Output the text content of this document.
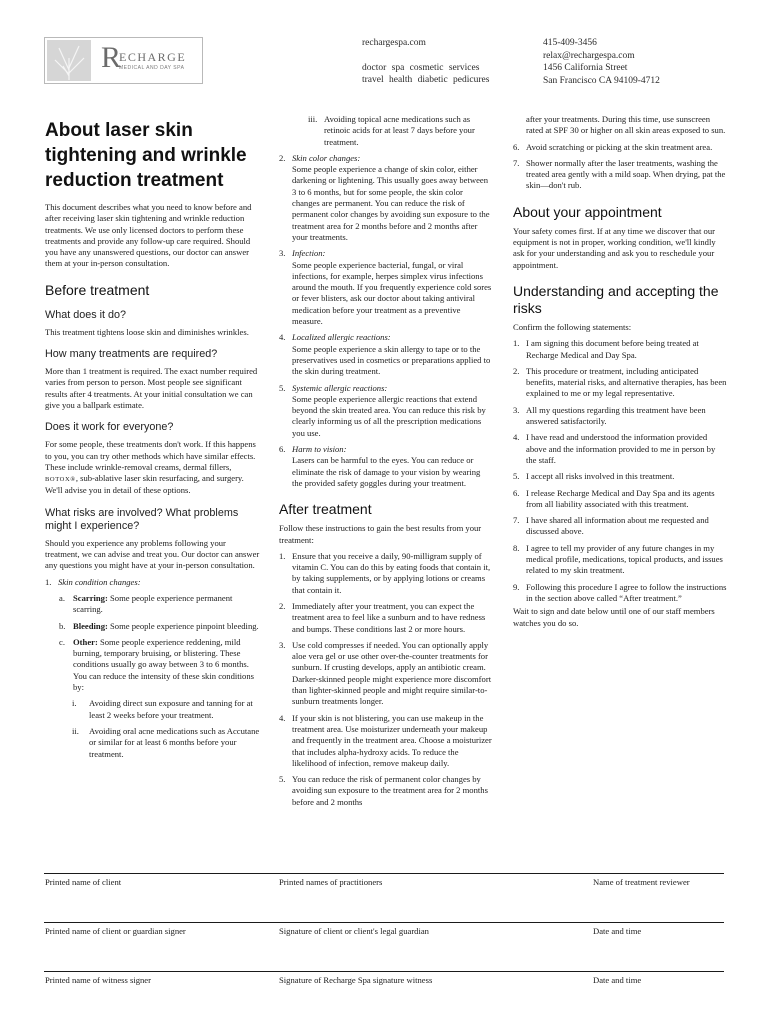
R
ECHARGE
MEDICAL AND DAY SPA
rechargespa.com
doctor spa cosmetic services
travel health diabetic pedicures
415-409-3456
relax@rechargespa.com
1456 California Street
San Francisco CA 94109-4712
About laser skin tightening and wrinkle reduction treatment

This document describes what you need to know before and after receiving laser skin tightening and wrinkle reduction treatments. We use only licensed doctors to perform these treatments and provide any follow-up care required. Should you have any unanswered questions, our doctor can answer them at your in-person consultation.

Before treatment
What does it do?

This treatment tightens loose skin and diminishes wrinkles.

How many treatments are required?

More than 1 treatment is required. The exact number required varies from person to person. Most people see significant results after 4 treatments. At your initial consultation we can give you a ballpark estimate.

Does it work for everyone?

For some people, these treatments don't work. If this happens to you, you can try other methods which have similar effects. These include wrinkle-removal creams, dermal fillers, BOTOX®, sub-ablative laser skin resurfacing, and surgery. We'll advise you in detail of these options.

What risks are involved? What problems might I experience?

Should you experience any problems following your treatment, we can advise and treat you. Our doctor can answer any questions you might have at your in-person consultation.

1. Skin condition changes:
a. Scarring: Some people experience permanent scarring.
b. Bleeding: Some people experience pinpoint bleeding.
c. Other: Some people experience reddening, mild burning, temporary bruising, or blistering. These conditions usually go away between 3 to 6 months. You can reduce the intensity of these skin conditions by:
i.	Avoiding direct sun exposure and tanning for at least 2 weeks before your treatment.
ii.	Avoiding oral acne medications such as Accutane or similar for at least 6 months before your treatment.
iii. Avoiding topical acne medications such as retinoic acids for at least 7 days before your treatment.
2. Skin color changes:
Some people experience a change of skin color, either darkening or lightening. This usually goes away between 3 to 6 months, but for some people, the skin color changes are permanent. You can reduce the risk of permanent color changes by avoiding sun exposure to the treatment area for 2 months before and 2 months after your treatments.
3. Infection:
Some people experience bacterial, fungal, or viral infections, for example, herpes simplex virus infections around the mouth. If you frequently experience cold sores or fever blisters, ask our doctor about taking antiviral medication before your treatment as a preventive measure.
4. Localized allergic reactions:
Some people experience a skin allergy to tape or to the preservatives used in cosmetics or preparations applied to the skin during treatment.
5. Systemic allergic reactions:
Some people experience allergic reactions that extend beyond the skin treated area. You can reduce this risk by clearly informing us of all the prescription medications you use.
6. Harm to vision:
Lasers can be harmful to the eyes. You can reduce or eliminate the risk of damage to your vision by wearing the provided safety goggles during your treatment.
After treatment

Follow these instructions to gain the best results from your treatment:

1. Ensure that you receive a daily, 90-milligram supply of vitamin C. You can do this by eating foods that contain it, by taking supplements, or by applying lotions or creams that contain it.
2. Immediately after your treatment, you can expect the treatment area to feel like a sunburn and to have redness and bumps. These conditions last 2 or more hours.
3. Use cold compresses if needed. You can optionally apply aloe vera gel or use other over-the-counter treatments for sunburn. If crusting develops, apply an antibiotic cream. Darker-skinned people might experience more discomfort than lighter-skinned people and might require similar-to-sunburn treatments longer.
4. If your skin is not blistering, you can use makeup in the treatment area. Use moisturizer underneath your makeup and frequently in the treatment area. Choose a moisturizer that includes alpha-hydroxy acids. To reduce the likelihood of infection, remove makeup daily.
5. You can reduce the risk of permanent color changes by avoiding sun exposure to the treatment area for 2 months before and 2 months
after your treatments. During this time, use sunscreen rated at SPF 30 or higher on all skin areas exposed to sun.
6. Avoid scratching or picking at the skin treatment area.
7. Shower normally after the laser treatments, washing the treated area gently with a mild soap. When drying, pat the skin—don't rub.
About your appointment

Your safety comes first. If at any time we discover that our equipment is not in proper, working condition, we'll kindly ask for your understanding and ask you to reschedule your appointment.

Understanding and accepting the risks

Confirm the following statements:

1. I am signing this document before being treated at Recharge Medical and Day Spa.
2. This procedure or treatment, including anticipated benefits, material risks, and alternative therapies, has been explained to me or my legal representative.
3. All my questions regarding this treatment have been answered satisfactorily.
4. I have read and understood the information provided above and the information provided to me in person by the staff.
5. I accept all risks involved in this treatment.
6. I release Recharge Medical and Day Spa and its agents from all liability associated with this treatment.
7. I have shared all information about me requested and discussed above.
8. I agree to tell my provider of any future changes in my medical profile, medications, topical products, and issues related to my skin treatment.
9. Following this procedure I agree to follow the instructions in the section above called “After treatment.”

Wait to sign and date below until one of our staff members watches you do so.

Printed name of client	Printed names of practitioners	Name of treatment reviewer
Printed name of client or guardian signer	Signature of client or client's legal guardian	Date and time
Printed name of witness signer	Signature of Recharge Spa signature witness	Date and time
